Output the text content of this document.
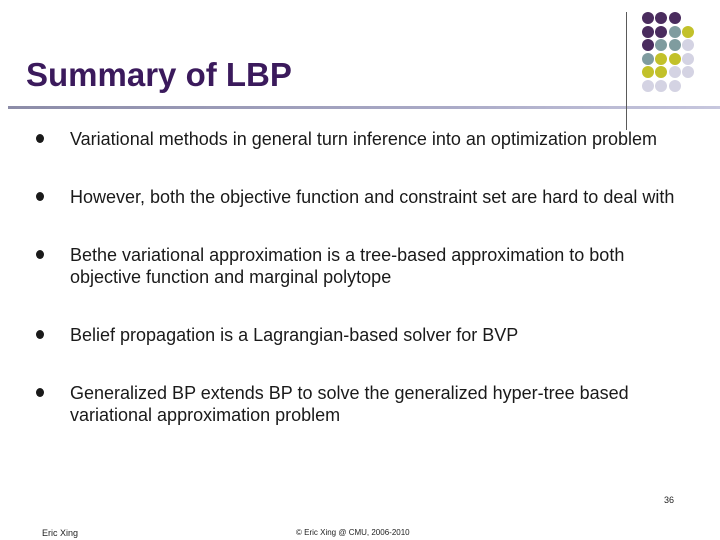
Summary of LBP
Variational methods in general turn inference into an optimization problem
However, both the objective function and constraint set are hard to deal with
Bethe variational approximation is a tree-based approximation to both objective function and marginal polytope
Belief propagation is a Lagrangian-based solver for BVP
Generalized BP extends BP to solve the generalized hyper-tree based variational approximation problem
36
Eric Xing	© Eric Xing @ CMU, 2006-2010
